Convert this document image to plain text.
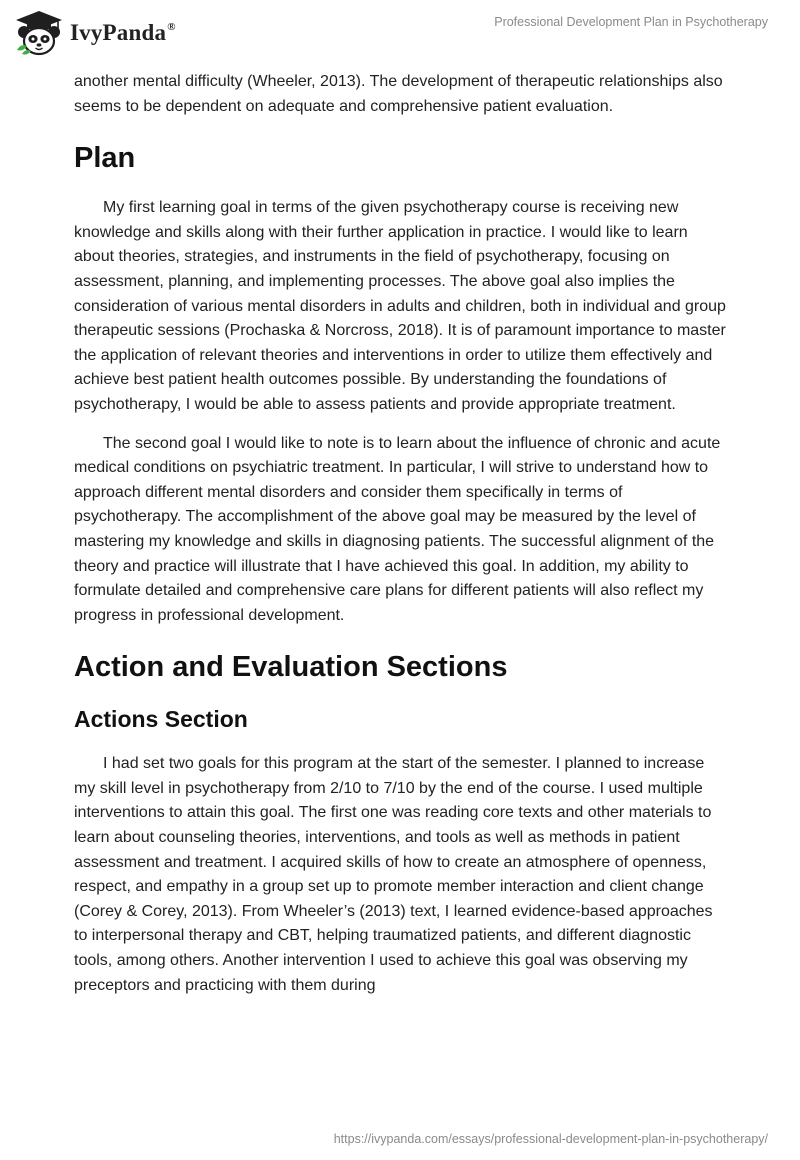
IvyPanda®	Professional Development Plan in Psychotherapy

another mental difficulty (Wheeler, 2013). The development of therapeutic relationships also seems to be dependent on adequate and comprehensive patient evaluation.

Plan

My first learning goal in terms of the given psychotherapy course is receiving new knowledge and skills along with their further application in practice. I would like to learn about theories, strategies, and instruments in the field of psychotherapy, focusing on assessment, planning, and implementing processes. The above goal also implies the consideration of various mental disorders in adults and children, both in individual and group therapeutic sessions (Prochaska & Norcross, 2018). It is of paramount importance to master the application of relevant theories and interventions in order to utilize them effectively and achieve best patient health outcomes possible. By understanding the foundations of psychotherapy, I would be able to assess patients and provide appropriate treatment.

The second goal I would like to note is to learn about the influence of chronic and acute medical conditions on psychiatric treatment. In particular, I will strive to understand how to approach different mental disorders and consider them specifically in terms of psychotherapy. The accomplishment of the above goal may be measured by the level of mastering my knowledge and skills in diagnosing patients. The successful alignment of the theory and practice will illustrate that I have achieved this goal. In addition, my ability to formulate detailed and comprehensive care plans for different patients will also reflect my progress in professional development.

Action and Evaluation Sections
Actions Section

I had set two goals for this program at the start of the semester. I planned to increase my skill level in psychotherapy from 2/10 to 7/10 by the end of the course. I used multiple interventions to attain this goal. The first one was reading core texts and other materials to learn about counseling theories, interventions, and tools as well as methods in patient assessment and treatment. I acquired skills of how to create an atmosphere of openness, respect, and empathy in a group set up to promote member interaction and client change (Corey & Corey, 2013). From Wheeler’s (2013) text, I learned evidence-based approaches to interpersonal therapy and CBT, helping traumatized patients, and different diagnostic tools, among others. Another intervention I used to achieve this goal was observing my preceptors and practicing with them during

https://ivypanda.com/essays/professional-development-plan-in-psychotherapy/
